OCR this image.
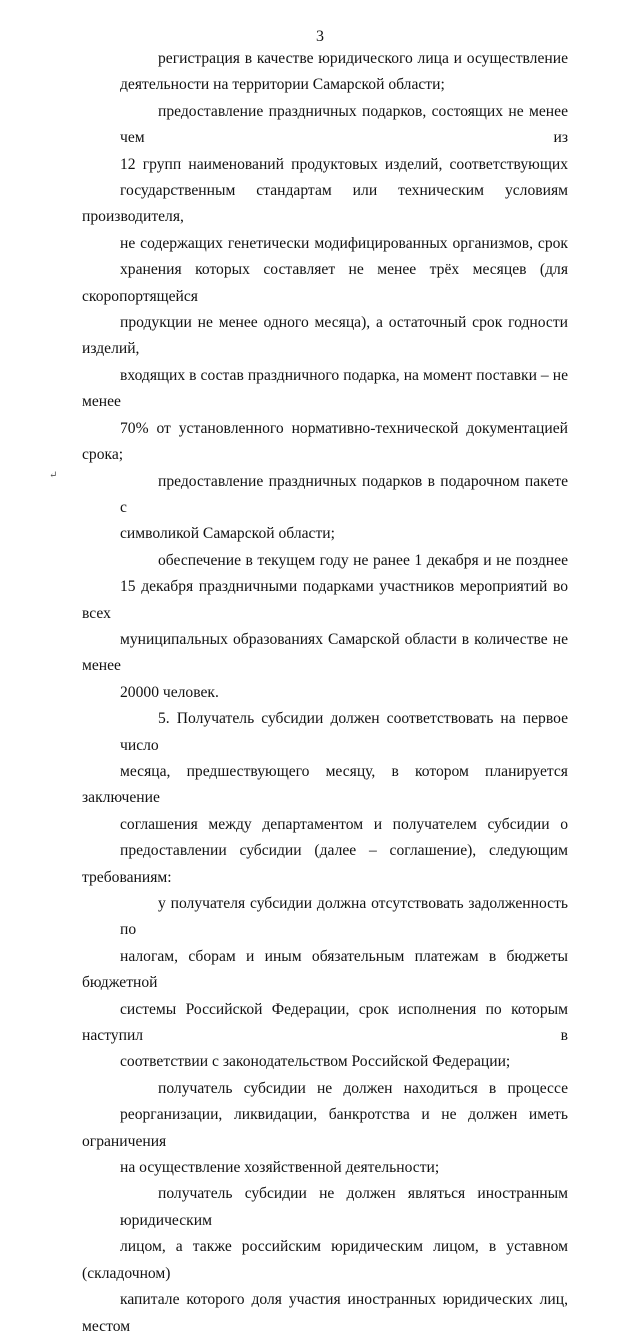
3
↵
регистрация в качестве юридического лица и осуществление
деятельности на территории Самарской области;
предоставление праздничных подарков, состоящих не менее чем из
12 групп наименований продуктовых изделий, соответствующих
государственным стандартам или техническим условиям производителя,
не содержащих генетически модифицированных организмов, срок
хранения которых составляет не менее трёх месяцев (для скоропортящейся
продукции не менее одного месяца), а остаточный срок годности изделий,
входящих в состав праздничного подарка, на момент поставки – не менее
70% от установленного нормативно-технической документацией срока;
предоставление праздничных подарков в подарочном пакете с
символикой Самарской области;
обеспечение в текущем году не ранее 1 декабря и не позднее
15 декабря праздничными подарками участников мероприятий во всех
муниципальных образованиях Самарской области в количестве не менее
20000 человек.
5. Получатель субсидии должен соответствовать на первое число
месяца, предшествующего месяцу, в котором планируется заключение
соглашения между департаментом и получателем субсидии о
предоставлении субсидии (далее – соглашение), следующим требованиям:
у получателя субсидии должна отсутствовать задолженность по
налогам, сборам и иным обязательным платежам в бюджеты бюджетной
системы Российской Федерации, срок исполнения по которым наступил в
соответствии с законодательством Российской Федерации;
получатель субсидии не должен находиться в процессе
реорганизации, ликвидации, банкротства и не должен иметь ограничения
на осуществление хозяйственной деятельности;
получатель субсидии не должен являться иностранным юридическим
лицом, а также российским юридическим лицом, в уставном (складочном)
капитале которого доля участия иностранных юридических лиц, местом
